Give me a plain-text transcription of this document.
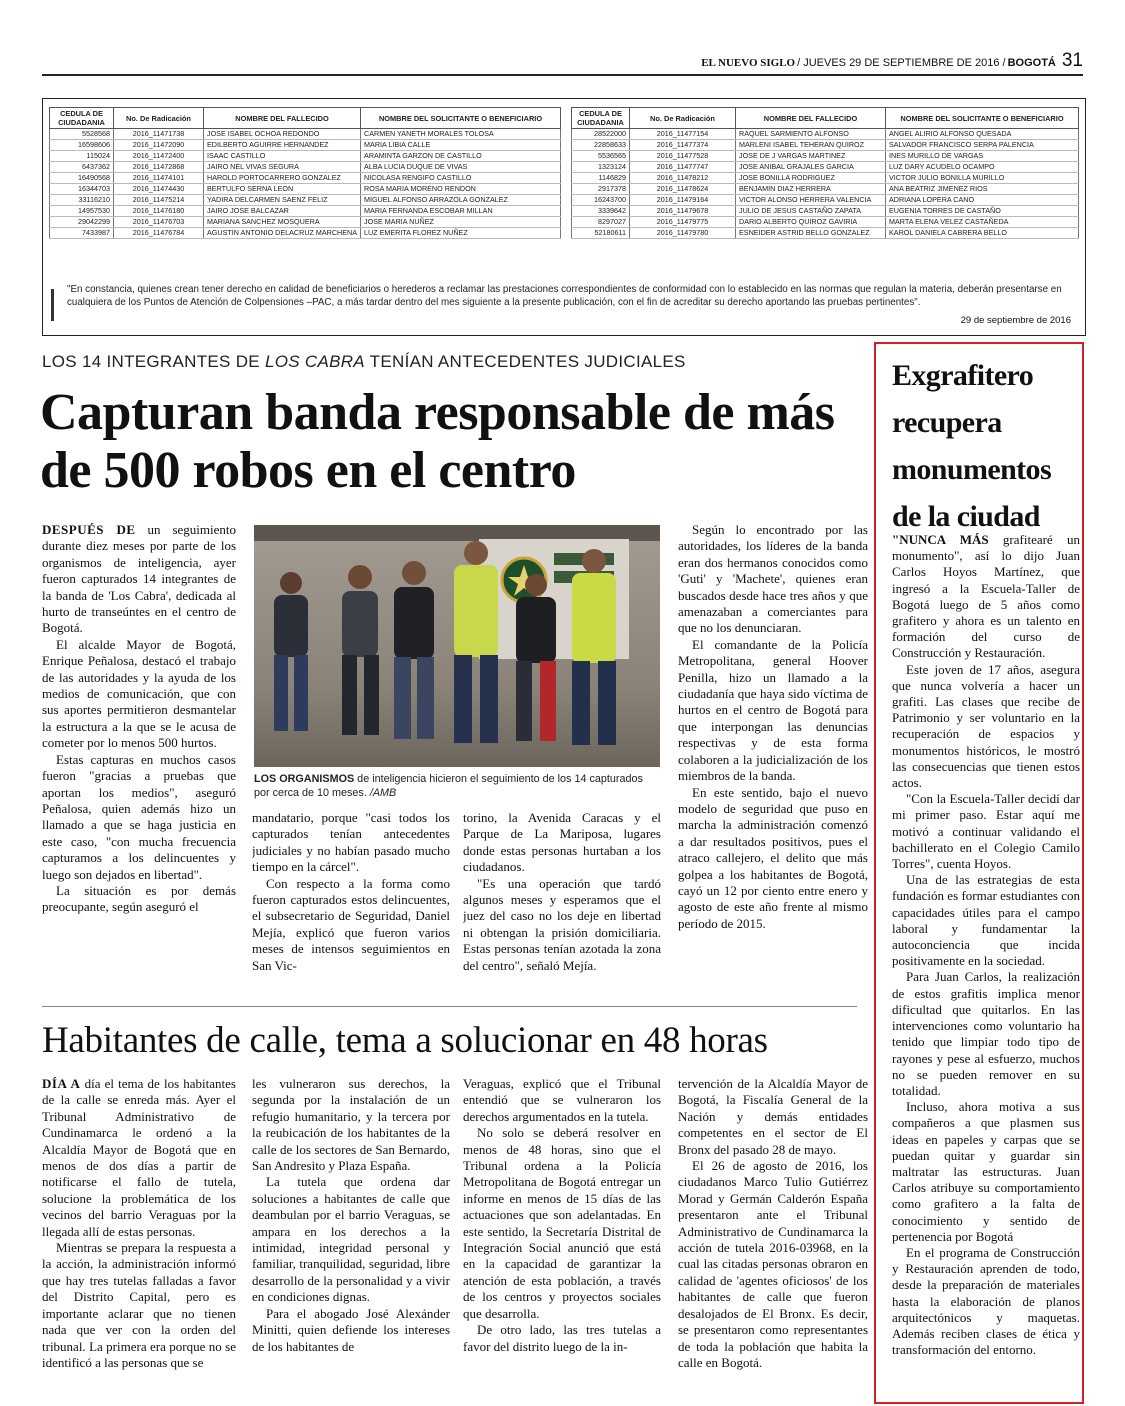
EL NUEVO SIGLO / JUEVES 29 DE SEPTIEMBRE DE 2016 / BOGOTÁ 31
CEDULA DE CIUDADANIA	No. De Radicación	NOMBRE DEL FALLECIDO	NOMBRE DEL SOLICITANTE O BENEFICIARIO
5528568	2016_11471738	JOSE ISABEL OCHOA REDONDO	CARMEN YANETH MORALES TOLOSA
16598606	2016_11472090	EDILBERTO AGUIRRE HERNANDEZ	MARIA LIBIA CALLE
115024	2016_11472400	ISAAC CASTILLO	ARAMINTA GARZON DE CASTILLO
6437362	2016_11472868	JAIRO NEL VIVAS SEGURA	ALBA LUCIA DUQUE DE VIVAS
16490568	2016_11474101	HAROLD PORTOCARRERO GONZALEZ	NICOLASA RENGIFO CASTILLO
16344703	2016_11474430	BERTULFO SERNA LEON	ROSA MARIA MORENO RENDON
33116210	2016_11475214	YADIRA DELCARMEN SAENZ FELIZ	MIGUEL ALFONSO ARRAZOLA GONZALEZ
14957530	2016_11476180	JAIRO JOSE BALCAZAR	MARIA FERNANDA ESCOBAR MILLAN
29042299	2016_11476703	MARIANA SANCHEZ MOSQUERA	JOSE MARIA NUÑEZ
7433987	2016_11476784	AGUSTIN ANTONIO DELACRUZ MARCHENA	LUZ EMERITA FLOREZ NUÑEZ
CEDULA DE CIUDADANIA	No. De Radicación	NOMBRE DEL FALLECIDO	NOMBRE DEL SOLICITANTE O BENEFICIARIO
28522000	2016_11477154	RAQUEL SARMIENTO ALFONSO	ANGEL ALIRIO ALFONSO QUESADA
22858633	2016_11477374	MARLENI ISABEL TEHERAN QUIROZ	SALVADOR FRANCISCO SERPA PALENCIA
5536565	2016_11477528	JOSE DE J VARGAS MARTINEZ	INES MURILLO DE VARGAS
1323124	2016_11477747	JOSE ANIBAL GRAJALES GARCIA	LUZ DARY ACUDELO OCAMPO
1146829	2016_11478212	JOSE BONILLA RODRIGUEZ	VICTOR JULIO BONILLA MURILLO
2917378	2016_11478624	BENJAMIN DIAZ HERRERA	ANA BEATRIZ JIMENEZ RIOS
16243700	2016_11479164	VICTOR ALONSO HERRERA VALENCIA	ADRIANA LOPERA CANO
3339642	2016_11479678	JULIO DE JESUS CASTAÑO ZAPATA	EUGENIA TORRES DE CASTAÑO
8297027	2016_11479775	DARIO ALBERTO QUIROZ GAVIRIA	MARTA ELENA VELEZ CASTAÑEDA
52180611	2016_11479780	ESNEIDER ASTRID BELLO GONZALEZ	KAROL DANIELA CABRERA BELLO
"En constancia, quienes crean tener derecho en calidad de beneficiarios o herederos a reclamar las prestaciones correspondientes de conformidad con lo establecido en las normas que regulan la materia, deberán presentarse en cualquiera de los Puntos de Atención de Colpensiones –PAC, a más tardar dentro del mes siguiente a la presente publicación, con el fin de acreditar su derecho aportando las pruebas pertinentes".
29 de septiembre de 2016
LOS 14 INTEGRANTES DE LOS CABRA TENÍAN ANTECEDENTES JUDICIALES
Capturan banda responsable de más de 500 robos en el centro

DESPUÉS DE un seguimiento durante diez meses por parte de los organismos de inteligencia, ayer fueron capturados 14 integrantes de la banda de 'Los Cabra', dedicada al hurto de transeúntes en el centro de Bogotá.

El alcalde Mayor de Bogotá, Enrique Peñalosa, destacó el trabajo de las autoridades y la ayuda de los medios de comunicación, que con sus aportes permitieron desmantelar la estructura a la que se le acusa de cometer por lo menos 500 hurtos.

Estas capturas en muchos casos fueron "gracias a pruebas que aportan los medios", aseguró Peñalosa, quien además hizo un llamado a que se haga justicia en este caso, "con mucha frecuencia capturamos a los delincuentes y luego son dejados en libertad".

La situación es por demás preocupante, según aseguró el

LOS ORGANISMOS de inteligencia hicieron el seguimiento de los 14 capturados por cerca de 10 meses. /AMB

mandatario, porque "casi todos los capturados tenían antecedentes judiciales y no habían pasado mucho tiempo en la cárcel".

Con respecto a la forma como fueron capturados estos delincuentes, el subsecretario de Seguridad, Daniel Mejía, explicó que fueron varios meses de intensos seguimientos en San Vic-

torino, la Avenida Caracas y el Parque de La Mariposa, lugares donde estas personas hurtaban a los ciudadanos.

"Es una operación que tardó algunos meses y esperamos que el juez del caso no los deje en libertad ni obtengan la prisión domiciliaria. Estas personas tenían azotada la zona del centro", señaló Mejía.

Según lo encontrado por las autoridades, los líderes de la banda eran dos hermanos conocidos como 'Guti' y 'Machete', quienes eran buscados desde hace tres años y que amenazaban a comerciantes para que no los denunciaran.

El comandante de la Policía Metropolitana, general Hoover Penilla, hizo un llamado a la ciudadanía que haya sido víctima de hurtos en el centro de Bogotá para que interpongan las denuncias respectivas y de esta forma colaboren a la judicialización de los miembros de la banda.

En este sentido, bajo el nuevo modelo de seguridad que puso en marcha la administración comenzó a dar resultados positivos, pues el atraco callejero, el delito que más golpea a los habitantes de Bogotá, cayó un 12 por ciento entre enero y agosto de este año frente al mismo período de 2015.

Habitantes de calle, tema a solucionar en 48 horas

DÍA A día el tema de los habitantes de la calle se enreda más. Ayer el Tribunal Administrativo de Cundinamarca le ordenó a la Alcaldía Mayor de Bogotá que en menos de dos días a partir de notificarse el fallo de tutela, solucione la problemática de los vecinos del barrio Veraguas por la llegada allí de estas personas.

Mientras se prepara la respuesta a la acción, la administración informó que hay tres tutelas falladas a favor del Distrito Capital, pero es importante aclarar que no tienen nada que ver con la orden del tribunal. La primera era porque no se identificó a las personas que se

les vulneraron sus derechos, la segunda por la instalación de un refugio humanitario, y la tercera por la reubicación de los habitantes de la calle de los sectores de San Bernardo, San Andresito y Plaza España.

La tutela que ordena dar soluciones a habitantes de calle que deambulan por el barrio Veraguas, se ampara en los derechos a la intimidad, integridad personal y familiar, tranquilidad, seguridad, libre desarrollo de la personalidad y a vivir en condiciones dignas.

Para el abogado José Alexánder Minitti, quien defiende los intereses de los habitantes de

Veraguas, explicó que el Tribunal entendió que se vulneraron los derechos argumentados en la tutela.

No solo se deberá resolver en menos de 48 horas, sino que el Tribunal ordena a la Policía Metropolitana de Bogotá entregar un informe en menos de 15 días de las actuaciones que son adelantadas. En este sentido, la Secretaría Distrital de Integración Social anunció que está en la capacidad de garantizar la atención de esta población, a través de los centros y proyectos sociales que desarrolla.

De otro lado, las tres tutelas a favor del distrito luego de la in-

tervención de la Alcaldía Mayor de Bogotá, la Fiscalía General de la Nación y demás entidades competentes en el sector de El Bronx del pasado 28 de mayo.

El 26 de agosto de 2016, los ciudadanos Marco Tulio Gutiérrez Morad y Germán Calderón España presentaron ante el Tribunal Administrativo de Cundinamarca la acción de tutela 2016-03968, en la cual las citadas personas obraron en calidad de 'agentes oficiosos' de los habitantes de calle que fueron desalojados de El Bronx. Es decir, se presentaron como representantes de toda la población que habita la calle en Bogotá.

Exgrafitero recupera monumentos de la ciudad

"NUNCA MÁS grafitearé un monumento", así lo dijo Juan Carlos Hoyos Martínez, que ingresó a la Escuela-Taller de Bogotá luego de 5 años como grafitero y ahora es un talento en formación del curso de Construcción y Restauración.

Este joven de 17 años, asegura que nunca volvería a hacer un grafiti. Las clases que recibe de Patrimonio y ser voluntario en la recuperación de espacios y monumentos históricos, le mostró las consecuencias que tienen estos actos.

"Con la Escuela-Taller decidí dar mi primer paso. Estar aquí me motivó a continuar validando el bachillerato en el Colegio Camilo Torres", cuenta Hoyos.

Una de las estrategias de esta fundación es formar estudiantes con capacidades útiles para el campo laboral y fundamentar la autoconciencia que incida positivamente en la sociedad.

Para Juan Carlos, la realización de estos grafitis implica menor dificultad que quitarlos. En las intervenciones como voluntario ha tenido que limpiar todo tipo de rayones y pese al esfuerzo, muchos no se pueden remover en su totalidad.

Incluso, ahora motiva a sus compañeros a que plasmen sus ideas en papeles y carpas que se puedan quitar y guardar sin maltratar las estructuras. Juan Carlos atribuye su comportamiento como grafitero a la falta de conocimiento y sentido de pertenencia por Bogotá

En el programa de Construcción y Restauración aprenden de todo, desde la preparación de materiales hasta la elaboración de planos arquitectónicos y maquetas. Además reciben clases de ética y transformación del entorno.
